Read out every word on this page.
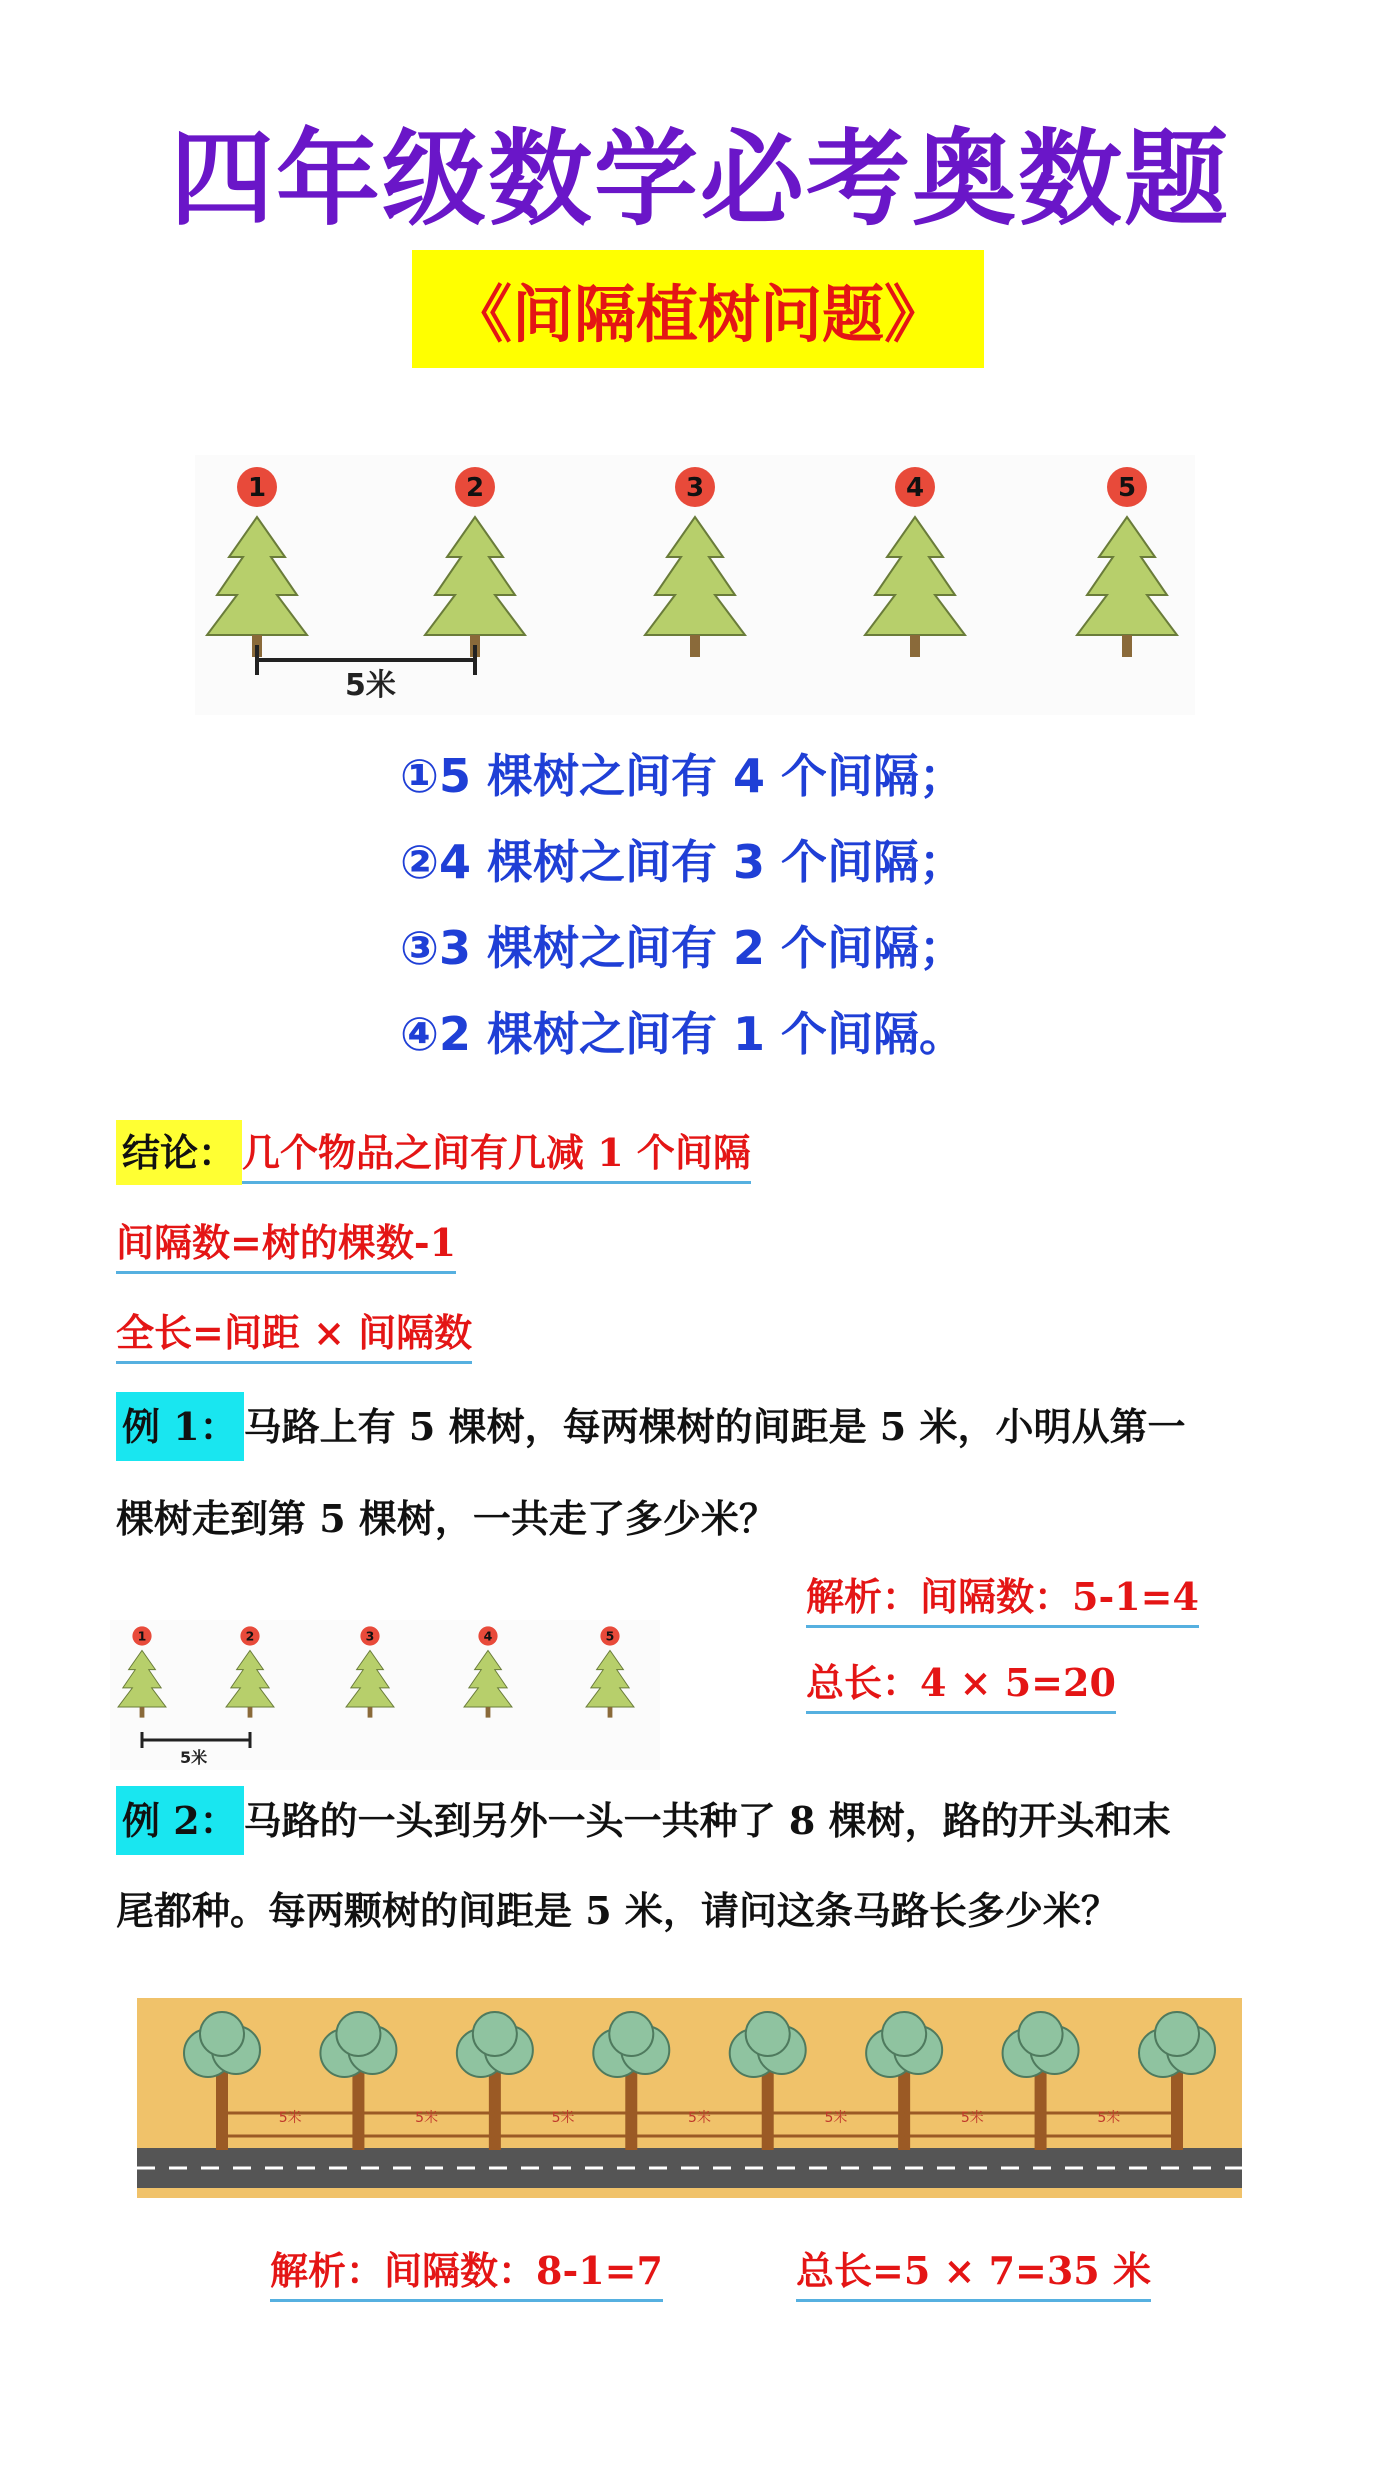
四年级数学必考奥数题
《间隔植树问题》
1	2	3	4	5
5米
①5 棵树之间有 4 个间隔；
②4 棵树之间有 3 个间隔；
③3 棵树之间有 2 个间隔；
④2 棵树之间有 1 个间隔。
结论： 几个物品之间有几减 1 个间隔
间隔数=树的棵数-1
全长=间距 × 间隔数
例 1： 马路上有 5 棵树，每两棵树的间距是 5 米，小明从第一
棵树走到第 5 棵树，一共走了多少米？
1	2	3	4	5
5米
解析：间隔数：5-1=4
总长：4 × 5=20
例 2： 马路的一头到另外一头一共种了 8 棵树，路的开头和末
尾都种。每两颗树的间距是 5 米，请问这条马路长多少米？
5米	5米	5米	5米	5米	5米	5米
解析：间隔数：8-1=7	总长=5 × 7=35 米
